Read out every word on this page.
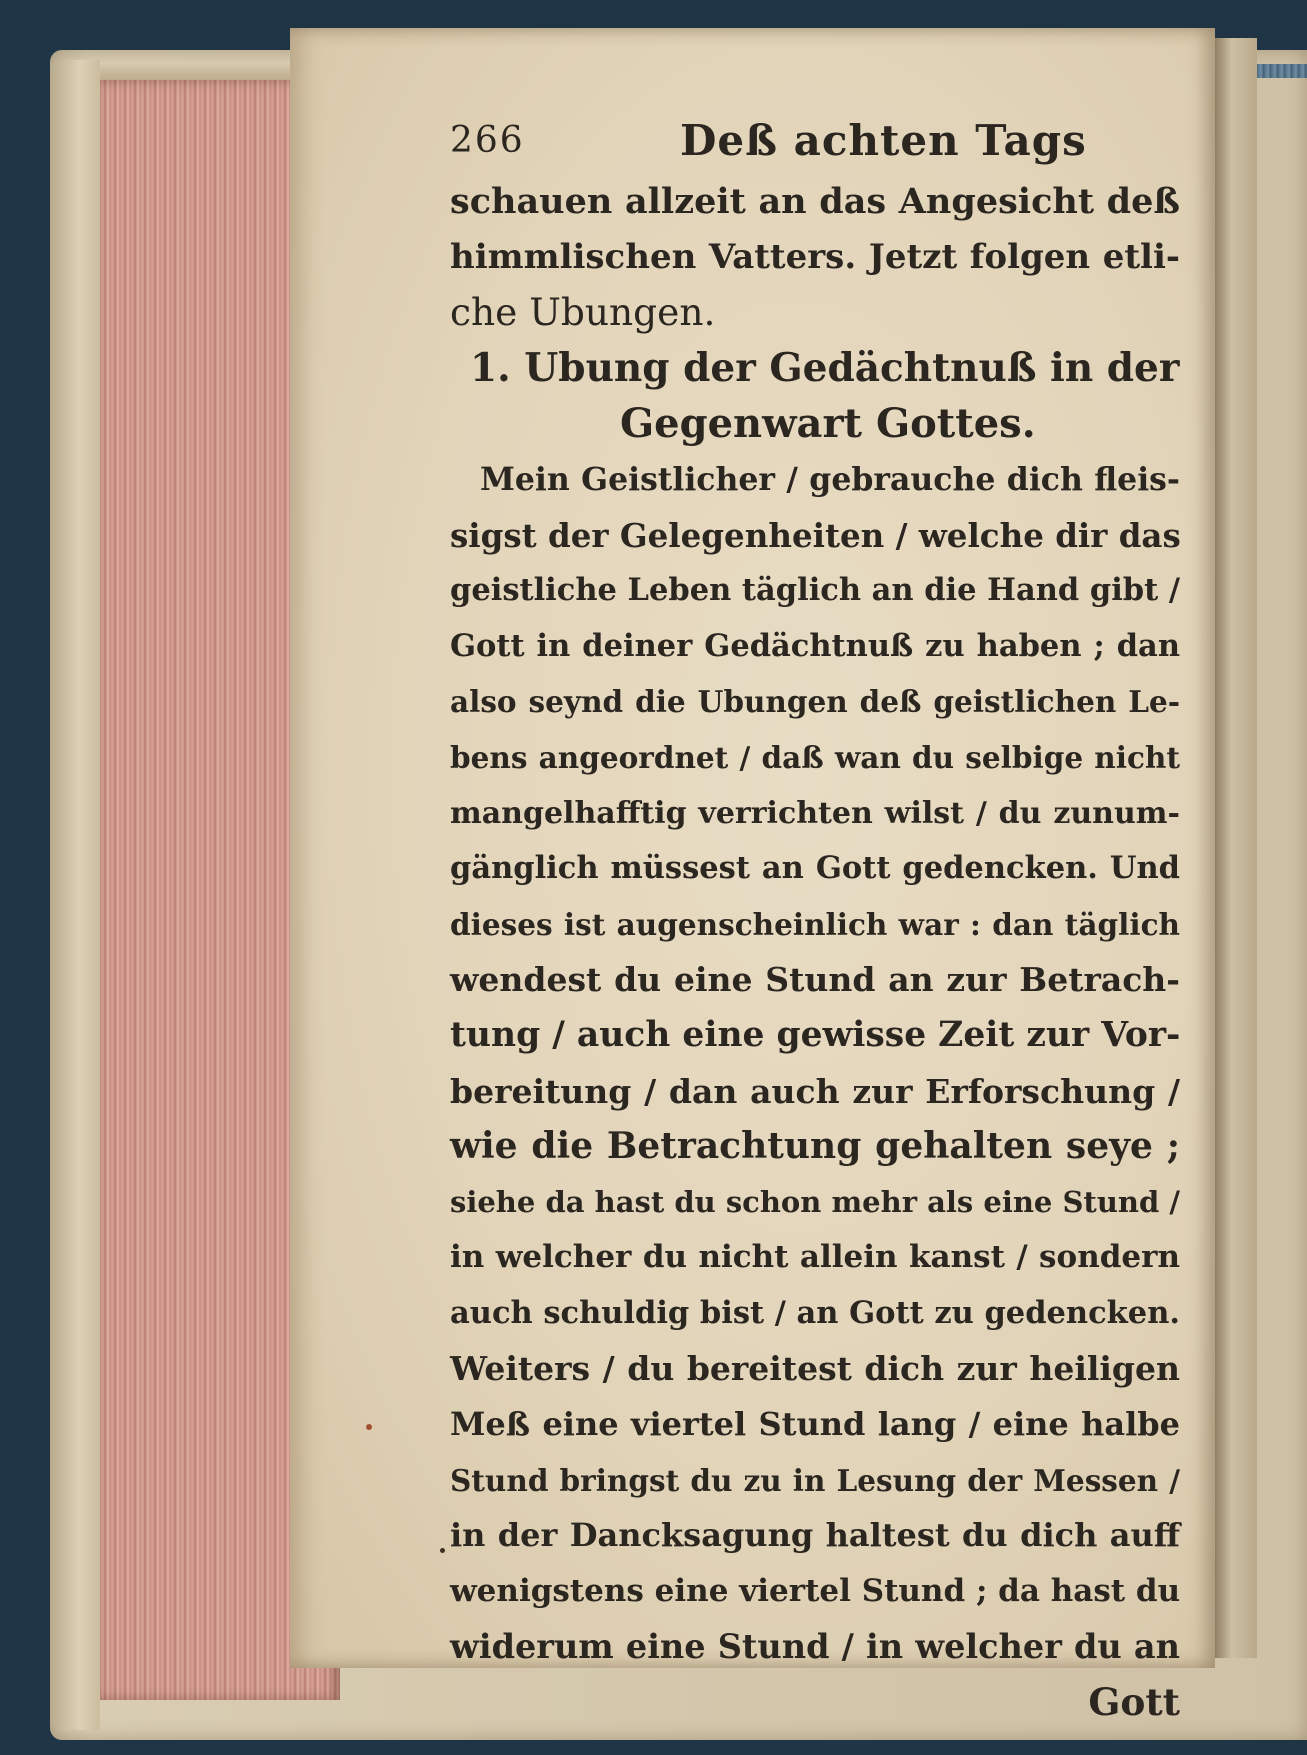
266	Deß achten Tags
schauen allzeit an das Angesicht deß
himmlischen Vatters. Jetzt folgen etli-
che Ubungen.
1. Ubung der Gedächtnuß in der
Gegenwart Gottes.
Mein Geistlicher / gebrauche dich fleis-
sigst der Gelegenheiten / welche dir das
geistliche Leben täglich an die Hand gibt /
Gott in deiner Gedächtnuß zu haben ; dan
also seynd die Ubungen deß geistlichen Le-
bens angeordnet / daß wan du selbige nicht
mangelhafftig verrichten wilst / du zunum-
gänglich müssest an Gott gedencken. Und
dieses ist augenscheinlich war : dan täglich
wendest du eine Stund an zur Betrach-
tung / auch eine gewisse Zeit zur Vor-
bereitung / dan auch zur Erforschung /
wie die Betrachtung gehalten seye ;
siehe da hast du schon mehr als eine Stund /
in welcher du nicht allein kanst / sondern
auch schuldig bist / an Gott zu gedencken.
Weiters / du bereitest dich zur heiligen
Meß eine viertel Stund lang / eine halbe
Stund bringst du zu in Lesung der Messen /
in der Dancksagung haltest du dich auff
wenigstens eine viertel Stund ; da hast du
widerum eine Stund / in welcher du an
Gott
